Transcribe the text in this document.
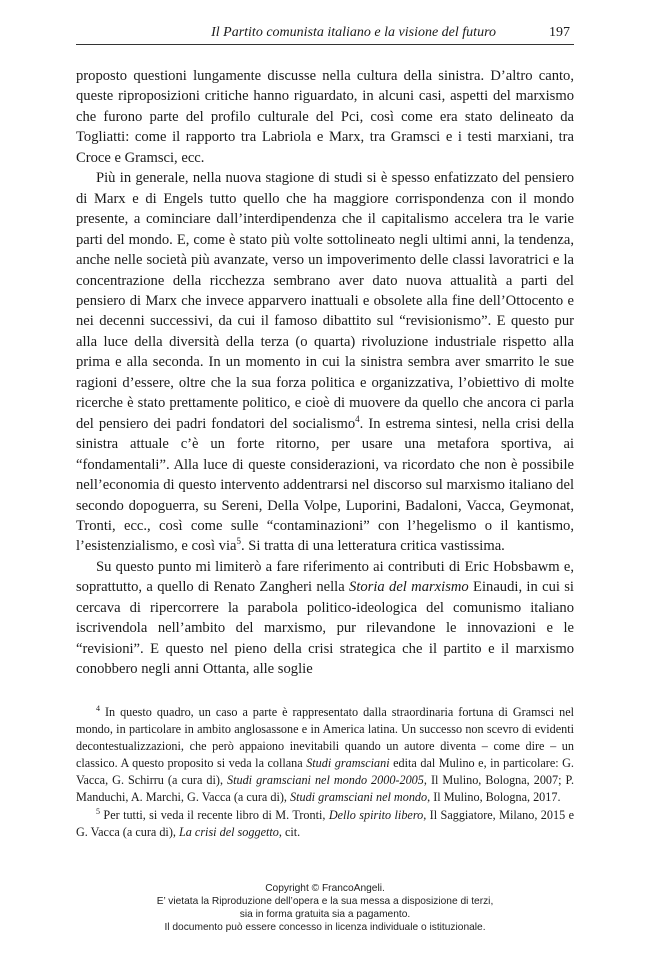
Il Partito comunista italiano e la visione del futuro	197

proposto questioni lungamente discusse nella cultura della sinistra. D’altro canto, queste riproposizioni critiche hanno riguardato, in alcuni casi, aspetti del marxismo che furono parte del profilo culturale del Pci, così come era stato delineato da Togliatti: come il rapporto tra Labriola e Marx, tra Gramsci e i testi marxiani, tra Croce e Gramsci, ecc.

Più in generale, nella nuova stagione di studi si è spesso enfatizzato del pensiero di Marx e di Engels tutto quello che ha maggiore corrispondenza con il mondo presente, a cominciare dall’interdipendenza che il capitalismo accelera tra le varie parti del mondo. E, come è stato più volte sottolineato negli ultimi anni, la tendenza, anche nelle società più avanzate, verso un impoverimento delle classi lavoratrici e la concentrazione della ricchezza sembrano aver dato nuova attualità a parti del pensiero di Marx che invece apparvero inattuali e obsolete alla fine dell’Ottocento e nei decenni successivi, da cui il famoso dibattito sul “revisionismo”. E questo pur alla luce della diversità della terza (o quarta) rivoluzione industriale rispetto alla prima e alla seconda. In un momento in cui la sinistra sembra aver smarrito le sue ragioni d’essere, oltre che la sua forza politica e organizzativa, l’obiettivo di molte ricerche è stato prettamente politico, e cioè di muovere da quello che ancora ci parla del pensiero dei padri fondatori del socialismo$^4$. In estrema sintesi, nella crisi della sinistra attuale c’è un forte ritorno, per usare una metafora sportiva, ai “fondamentali”. Alla luce di queste considerazioni, va ricordato che non è possibile nell’economia di questo intervento addentrarsi nel discorso sul marxismo italiano del secondo dopoguerra, su Sereni, Della Volpe, Luporini, Badaloni, Vacca, Geymonat, Tronti, ecc., così come sulle “contaminazioni” con l’hegelismo o il kantismo, l’esistenzialismo, e così via$^5$. Si tratta di una letteratura critica vastissima.

Su questo punto mi limiterò a fare riferimento ai contributi di Eric Hobsbawm e, soprattutto, a quello di Renato Zangheri nella Storia del marxismo Einaudi, in cui si cercava di ripercorrere la parabola politico-ideologica del comunismo italiano iscrivendola nell’ambito del marxismo, pur rilevandone le innovazioni e le “revisioni”. E questo nel pieno della crisi strategica che il partito e il marxismo conobbero negli anni Ottanta, alle soglie

$^4$ In questo quadro, un caso a parte è rappresentato dalla straordinaria fortuna di Gramsci nel mondo, in particolare in ambito anglosassone e in America latina. Un successo non scevro di evidenti decontestualizzazioni, che però appaiono inevitabili quando un autore diventa – come dire – un classico. A questo proposito si veda la collana Studi gramsciani edita dal Mulino e, in particolare: G. Vacca, G. Schirru (a cura di), Studi gramsciani nel mondo 2000-2005, Il Mulino, Bologna, 2007; P. Manduchi, A. Marchi, G. Vacca (a cura di), Studi gramsciani nel mondo, Il Mulino, Bologna, 2017.

$^5$ Per tutti, si veda il recente libro di M. Tronti, Dello spirito libero, Il Saggiatore, Milano, 2015 e G. Vacca (a cura di), La crisi del soggetto, cit.

Copyright © FrancoAngeli.
E’ vietata la Riproduzione dell’opera e la sua messa a disposizione di terzi,
sia in forma gratuita sia a pagamento.
Il documento può essere concesso in licenza individuale o istituzionale.
